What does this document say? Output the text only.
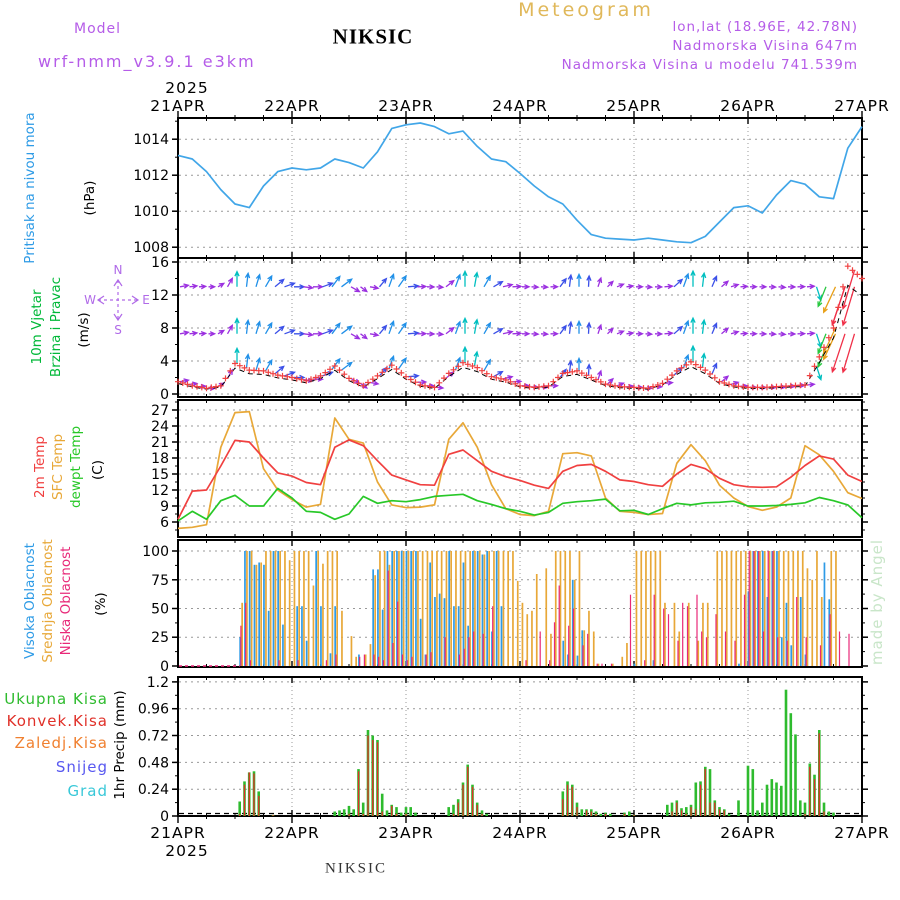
Meteogram
Model	NIKSIC
wrf-nmm_v3.9.1 e3km
lon,lat (18.96E, 42.78N)
Nadmorska Visina 647m
Nadmorska Visina u modelu 741.539m
Pritisak na nivou mora	(hPa)
10m Vjetar Brzina i Pravac (m/s)
2m Temp SFC Temp dewpt Temp (C)
Visoka Oblacnost Srednja Oblacnost Niska Oblacnost (%)
Ukupna Kisa
Konvek.Kisa
Zaledj.Kisa
Snijeg
Grad 1hr Precip (mm)
made by Angel
NIKSIC
1008
1010
1012
1014
0
4
8
12
16
6
9
12
15
18
21
24
27
0
25
50
75
100
0
0.24
0.48
0.72
0.96
1.2
21APR
21APR
22APR
22APR
23APR
23APR
24APR
24APR
25APR
25APR
26APR
26APR
27APR
27APR
2025
2025
N
S
W	E
